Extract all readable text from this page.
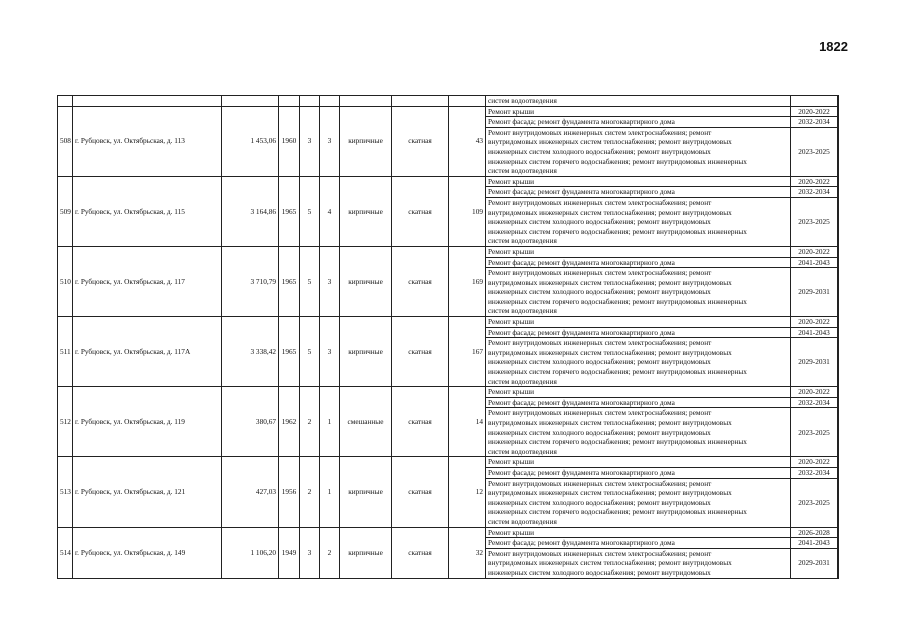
1822
									систем водоотведения		
508	г. Рубцовск, ул. Октябрьская, д. 113	1 453,06	1960	3	3	кирпичные	скатная	43	Ремонт крыши	2020-2022	
									Ремонт фасада; ремонт фундамента многоквартирного дома	2032-2034	
									Ремонт внутридомовых инженерных систем электроснабжения; ремонт
внутридомовых инженерных систем теплоснабжения; ремонт внутридомовых
инженерных систем холодного водоснабжения; ремонт внутридомовых
инженерных систем горячего водоснабжения; ремонт внутридомовых инженерных
систем водоотведения	2023-2025	
509	г. Рубцовск, ул. Октябрьская, д. 115	3 164,86	1965	5	4	кирпичные	скатная	109	Ремонт крыши	2020-2022	
									Ремонт фасада; ремонт фундамента многоквартирного дома	2032-2034	
									Ремонт внутридомовых инженерных систем электроснабжения; ремонт
внутридомовых инженерных систем теплоснабжения; ремонт внутридомовых
инженерных систем холодного водоснабжения; ремонт внутридомовых
инженерных систем горячего водоснабжения; ремонт внутридомовых инженерных
систем водоотведения	2023-2025	
510	г. Рубцовск, ул. Октябрьская, д. 117	3 710,79	1965	5	3	кирпичные	скатная	169	Ремонт крыши	2020-2022	
									Ремонт фасада; ремонт фундамента многоквартирного дома	2041-2043	
									Ремонт внутридомовых инженерных систем электроснабжения; ремонт
внутридомовых инженерных систем теплоснабжения; ремонт внутридомовых
инженерных систем холодного водоснабжения; ремонт внутридомовых
инженерных систем горячего водоснабжения; ремонт внутридомовых инженерных
систем водоотведения	2029-2031	
511	г. Рубцовск, ул. Октябрьская, д. 117А	3 338,42	1965	5	3	кирпичные	скатная	167	Ремонт крыши	2020-2022	
									Ремонт фасада; ремонт фундамента многоквартирного дома	2041-2043	
									Ремонт внутридомовых инженерных систем электроснабжения; ремонт
внутридомовых инженерных систем теплоснабжения; ремонт внутридомовых
инженерных систем холодного водоснабжения; ремонт внутридомовых
инженерных систем горячего водоснабжения; ремонт внутридомовых инженерных
систем водоотведения	2029-2031	
512	г. Рубцовск, ул. Октябрьская, д. 119	380,67	1962	2	1	смешанные	скатная	14	Ремонт крыши	2020-2022	
									Ремонт фасада; ремонт фундамента многоквартирного дома	2032-2034	
									Ремонт внутридомовых инженерных систем электроснабжения; ремонт
внутридомовых инженерных систем теплоснабжения; ремонт внутридомовых
инженерных систем холодного водоснабжения; ремонт внутридомовых
инженерных систем горячего водоснабжения; ремонт внутридомовых инженерных
систем водоотведения	2023-2025	
513	г. Рубцовск, ул. Октябрьская, д. 121	427,03	1956	2	1	кирпичные	скатная	12	Ремонт крыши	2020-2022	
									Ремонт фасада; ремонт фундамента многоквартирного дома	2032-2034	
									Ремонт внутридомовых инженерных систем электроснабжения; ремонт
внутридомовых инженерных систем теплоснабжения; ремонт внутридомовых
инженерных систем холодного водоснабжения; ремонт внутридомовых
инженерных систем горячего водоснабжения; ремонт внутридомовых инженерных
систем водоотведения	2023-2025	
514	г. Рубцовск, ул. Октябрьская, д. 149	1 106,20	1949	3	2	кирпичные	скатная	32	Ремонт крыши	2026-2028	
									Ремонт фасада; ремонт фундамента многоквартирного дома	2041-2043	
									Ремонт внутридомовых инженерных систем электроснабжения; ремонт
внутридомовых инженерных систем теплоснабжения; ремонт внутридомовых
инженерных систем холодного водоснабжения; ремонт внутридомовых	2029-2031	
